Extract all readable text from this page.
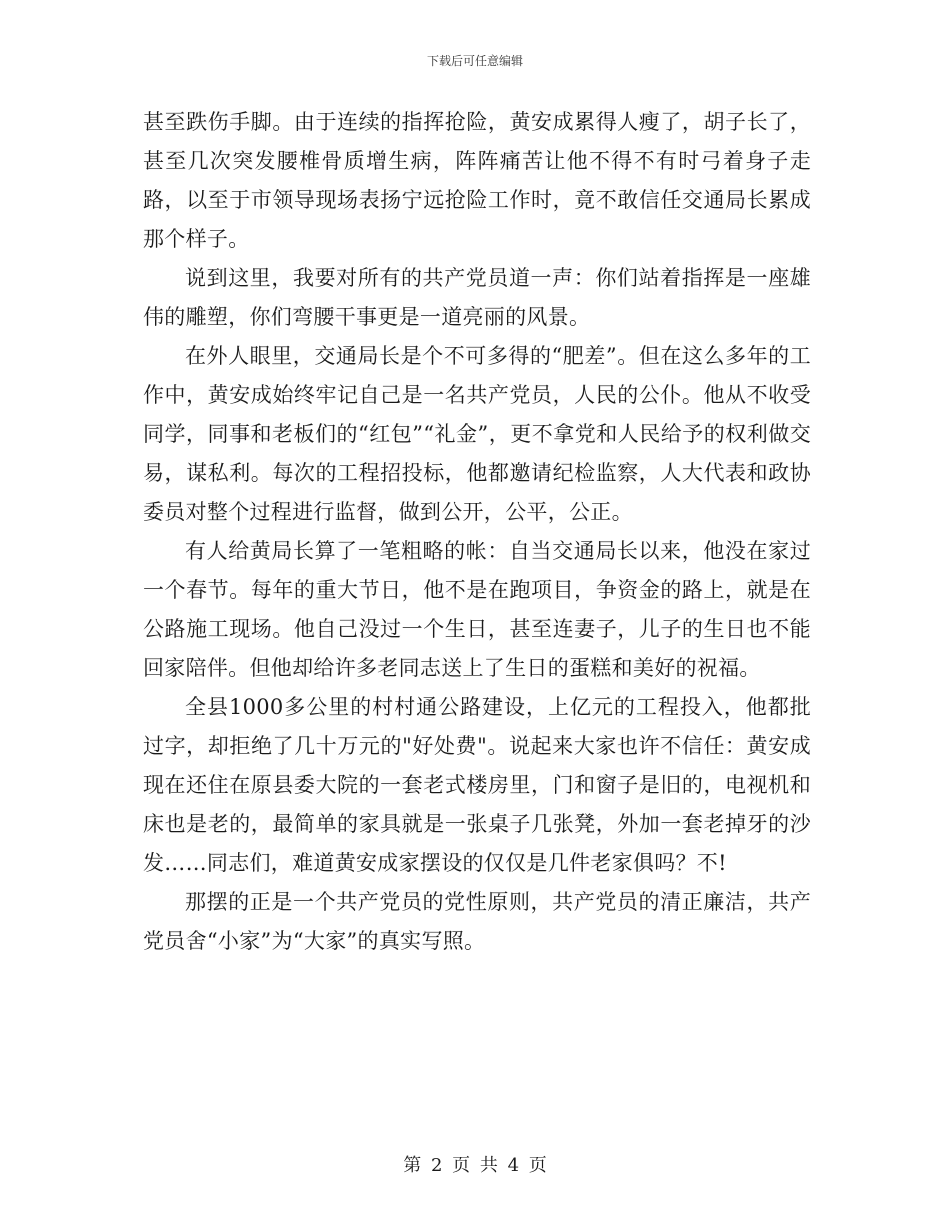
下载后可任意编辑

甚至跌伤手脚。由于连续的指挥抢险，黄安成累得人瘦了，胡子长了，甚至几次突发腰椎骨质增生病，阵阵痛苦让他不得不有时弓着身子走路，以至于市领导现场表扬宁远抢险工作时，竟不敢信任交通局长累成那个样子。

说到这里，我要对所有的共产党员道一声：你们站着指挥是一座雄伟的雕塑，你们弯腰干事更是一道亮丽的风景。

在外人眼里，交通局长是个不可多得的“肥差”。但在这么多年的工作中，黄安成始终牢记自己是一名共产党员，人民的公仆。他从不收受同学，同事和老板们的“红包”“礼金”，更不拿党和人民给予的权利做交易，谋私利。每次的工程招投标，他都邀请纪检监察，人大代表和政协委员对整个过程进行监督，做到公开，公平，公正。

有人给黄局长算了一笔粗略的帐：自当交通局长以来，他没在家过一个春节。每年的重大节日，他不是在跑项目，争资金的路上，就是在公路施工现场。他自己没过一个生日，甚至连妻子，儿子的生日也不能回家陪伴。但他却给许多老同志送上了生日的蛋糕和美好的祝福。

全县1000多公里的村村通公路建设，上亿元的工程投入，他都批过字，却拒绝了几十万元的"好处费"。说起来大家也许不信任：黄安成现在还住在原县委大院的一套老式楼房里，门和窗子是旧的，电视机和床也是老的，最简单的家具就是一张桌子几张凳，外加一套老掉牙的沙发……同志们，难道黄安成家摆设的仅仅是几件老家俱吗？不!

那摆的正是一个共产党员的党性原则，共产党员的清正廉洁，共产党员舍“小家”为“大家”的真实写照。

第 2 页 共 4 页
